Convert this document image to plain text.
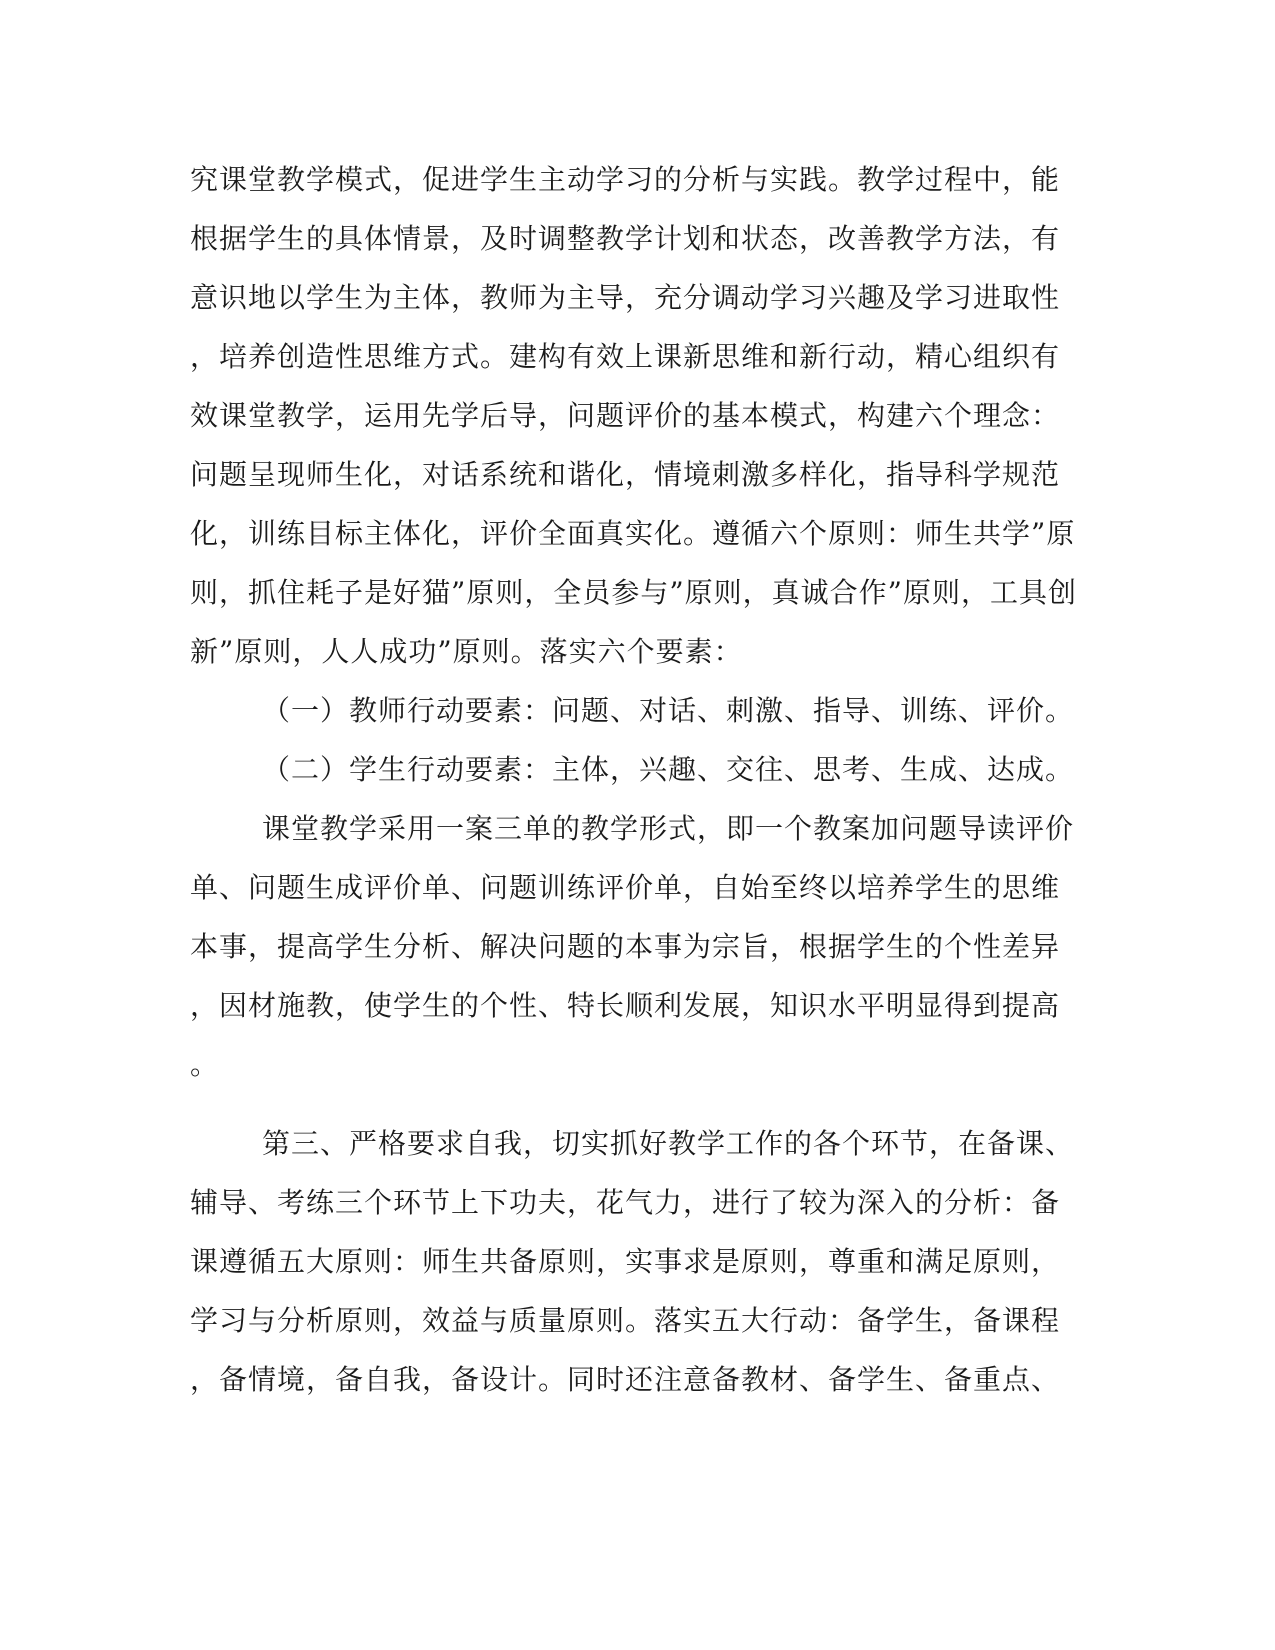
究课堂教学模式，促进学生主动学习的分析与实践。教学过程中，能
根据学生的具体情景，及时调整教学计划和状态，改善教学方法，有
意识地以学生为主体，教师为主导，充分调动学习兴趣及学习进取性
，培养创造性思维方式。建构有效上课新思维和新行动，精心组织有
效课堂教学，运用先学后导，问题评价的基本模式，构建六个理念：
问题呈现师生化，对话系统和谐化，情境刺激多样化，指导科学规范
化，训练目标主体化，评价全面真实化。遵循六个原则：师生共学”原
则，抓住耗子是好猫”原则，全员参与”原则，真诚合作”原则，工具创
新”原则，人人成功”原则。落实六个要素：
（一）教师行动要素：问题、对话、刺激、指导、训练、评价。
（二）学生行动要素：主体，兴趣、交往、思考、生成、达成。
课堂教学采用一案三单的教学形式，即一个教案加问题导读评价
单、问题生成评价单、问题训练评价单，自始至终以培养学生的思维
本事，提高学生分析、解决问题的本事为宗旨，根据学生的个性差异
，因材施教，使学生的个性、特长顺利发展，知识水平明显得到提高
。
第三、严格要求自我，切实抓好教学工作的各个环节，在备课、
辅导、考练三个环节上下功夫，花气力，进行了较为深入的分析：备
课遵循五大原则：师生共备原则，实事求是原则，尊重和满足原则，
学习与分析原则，效益与质量原则。落实五大行动：备学生，备课程
，备情境，备自我，备设计。同时还注意备教材、备学生、备重点、
